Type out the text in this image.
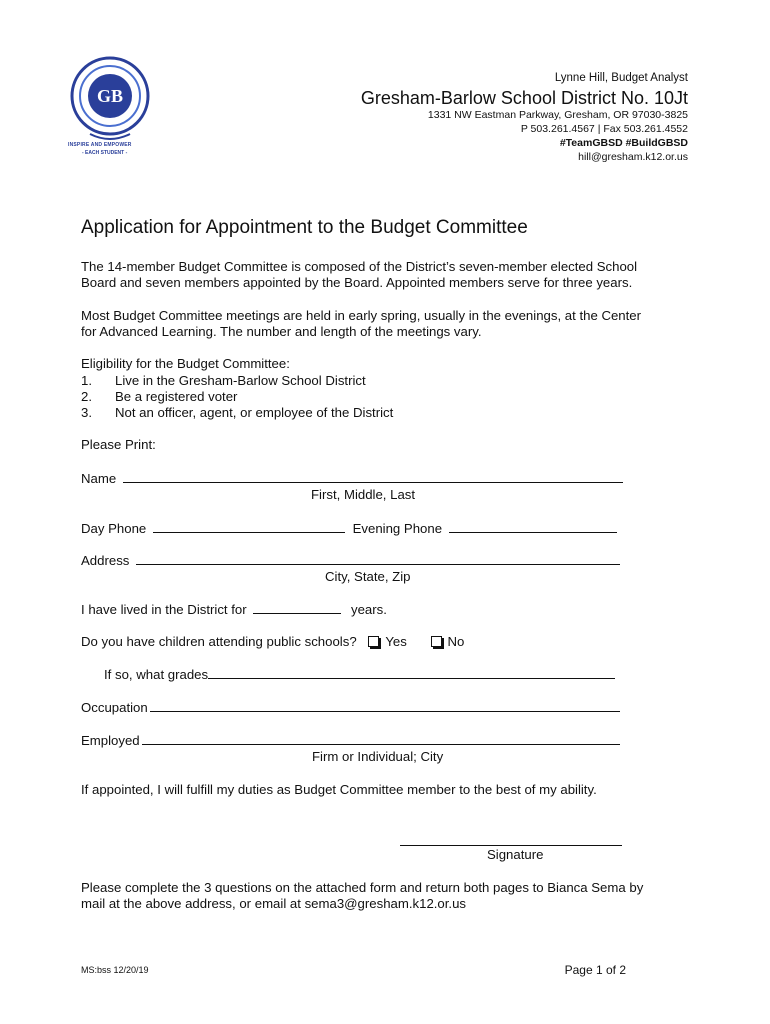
GB
INSPIRE AND EMPOWER
- EACH STUDENT -
Lynne Hill, Budget Analyst
Gresham-Barlow School District No. 10Jt
1331 NW Eastman Parkway, Gresham, OR 97030-3825
P 503.261.4567 | Fax 503.261.4552
#TeamGBSD #BuildGBSD
hill@gresham.k12.or.us
Application for Appointment to the Budget Committee
The 14-member Budget Committee is composed of the District’s seven-member elected School
Board and seven members appointed by the Board. Appointed members serve for three years.
Most Budget Committee meetings are held in early spring, usually in the evenings, at the Center
for Advanced Learning. The number and length of the meetings vary.
Eligibility for the Budget Committee:
1. Live in the Gresham-Barlow School District
2. Be a registered voter
3. Not an officer, agent, or employee of the District
Please Print:
Name
First, Middle, Last
Day Phone	Evening Phone
Address
City, State, Zip
I have lived in the District for	years.
Do you have children attending public schools? Yes	No
If so, what grades
Occupation
Employed
Firm or Individual; City
If appointed, I will fulfill my duties as Budget Committee member to the best of my ability.
Signature
Please complete the 3 questions on the attached form and return both pages to Bianca Sema by
mail at the above address, or email at sema3@gresham.k12.or.us
MS:bss 12/20/19	Page 1 of 2
